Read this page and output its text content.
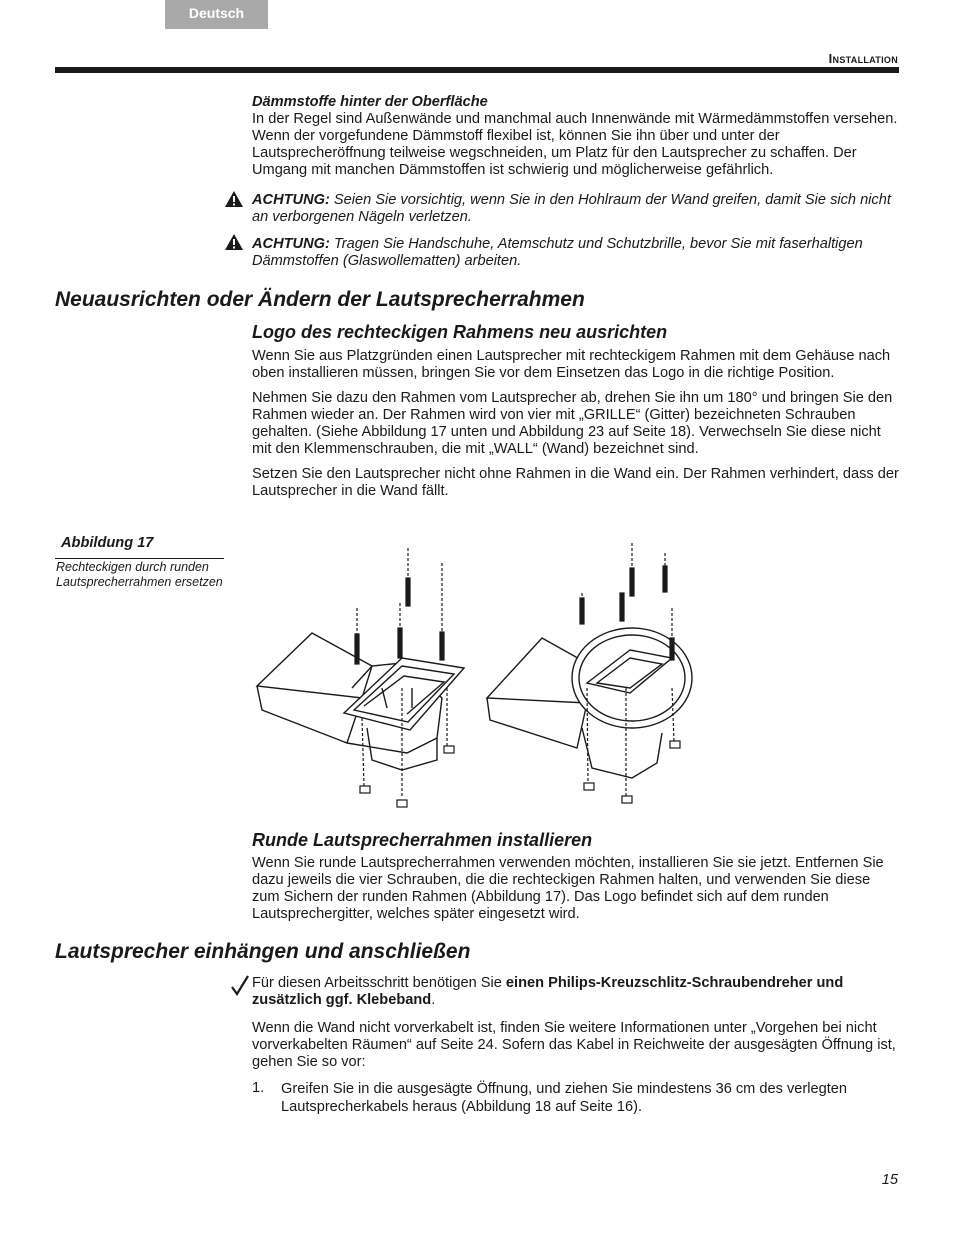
Deutsch
Installation

Dämmstoffe hinter der Oberfläche

In der Regel sind Außenwände und manchmal auch Innenwände mit Wärmedämmstoffen versehen. Wenn der vorgefundene Dämmstoff flexibel ist, können Sie ihn über und unter der Lautsprecheröffnung teilweise wegschneiden, um Platz für den Lautsprecher zu schaffen. Der Umgang mit manchen Dämmstoffen ist schwierig und möglicherweise gefährlich.

ACHTUNG: Seien Sie vorsichtig, wenn Sie in den Hohlraum der Wand greifen, damit Sie sich nicht an verborgenen Nägeln verletzen.
ACHTUNG: Tragen Sie Handschuhe, Atemschutz und Schutzbrille, bevor Sie mit faserhaltigen Dämmstoffen (Glaswollematten) arbeiten.
Neuausrichten oder Ändern der Lautsprecherrahmen

Logo des rechteckigen Rahmens neu ausrichten

Wenn Sie aus Platzgründen einen Lautsprecher mit rechteckigem Rahmen mit dem Gehäuse nach oben installieren müssen, bringen Sie vor dem Einsetzen das Logo in die richtige Position.

Nehmen Sie dazu den Rahmen vom Lautsprecher ab, drehen Sie ihn um 180° und bringen Sie den Rahmen wieder an. Der Rahmen wird von vier mit „GRILLE“ (Gitter) bezeichneten Schrauben gehalten. (Siehe Abbildung 17 unten und Abbildung 23 auf Seite 18). Verwechseln Sie diese nicht mit den Klemmenschrauben, die mit „WALL“ (Wand) bezeichnet sind.

Setzen Sie den Lautsprecher nicht ohne Rahmen in die Wand ein. Der Rahmen verhindert, dass der Lautsprecher in die Wand fällt.

Abbildung 17
Rechteckigen durch runden Lautsprecherrahmen ersetzen

Runde Lautsprecherrahmen installieren

Wenn Sie runde Lautsprecherrahmen verwenden möchten, installieren Sie sie jetzt. Entfernen Sie dazu jeweils die vier Schrauben, die die rechteckigen Rahmen halten, und verwenden Sie diese zum Sichern der runden Rahmen (Abbildung 17). Das Logo befindet sich auf dem runden Lautsprechergitter, welches später eingesetzt wird.

Lautsprecher einhängen und anschließen

Für diesen Arbeitsschritt benötigen Sie einen Philips-Kreuzschlitz-Schraubendreher und zusätzlich ggf. Klebeband.

Wenn die Wand nicht vorverkabelt ist, finden Sie weitere Informationen unter „Vorgehen bei nicht vorverkabelten Räumen“ auf Seite 24. Sofern das Kabel in Reichweite der ausgesägten Öffnung ist, gehen Sie so vor:

1. Greifen Sie in die ausgesägte Öffnung, und ziehen Sie mindestens 36 cm des verlegten Lautsprecherkabels heraus (Abbildung 18 auf Seite 16).
15
